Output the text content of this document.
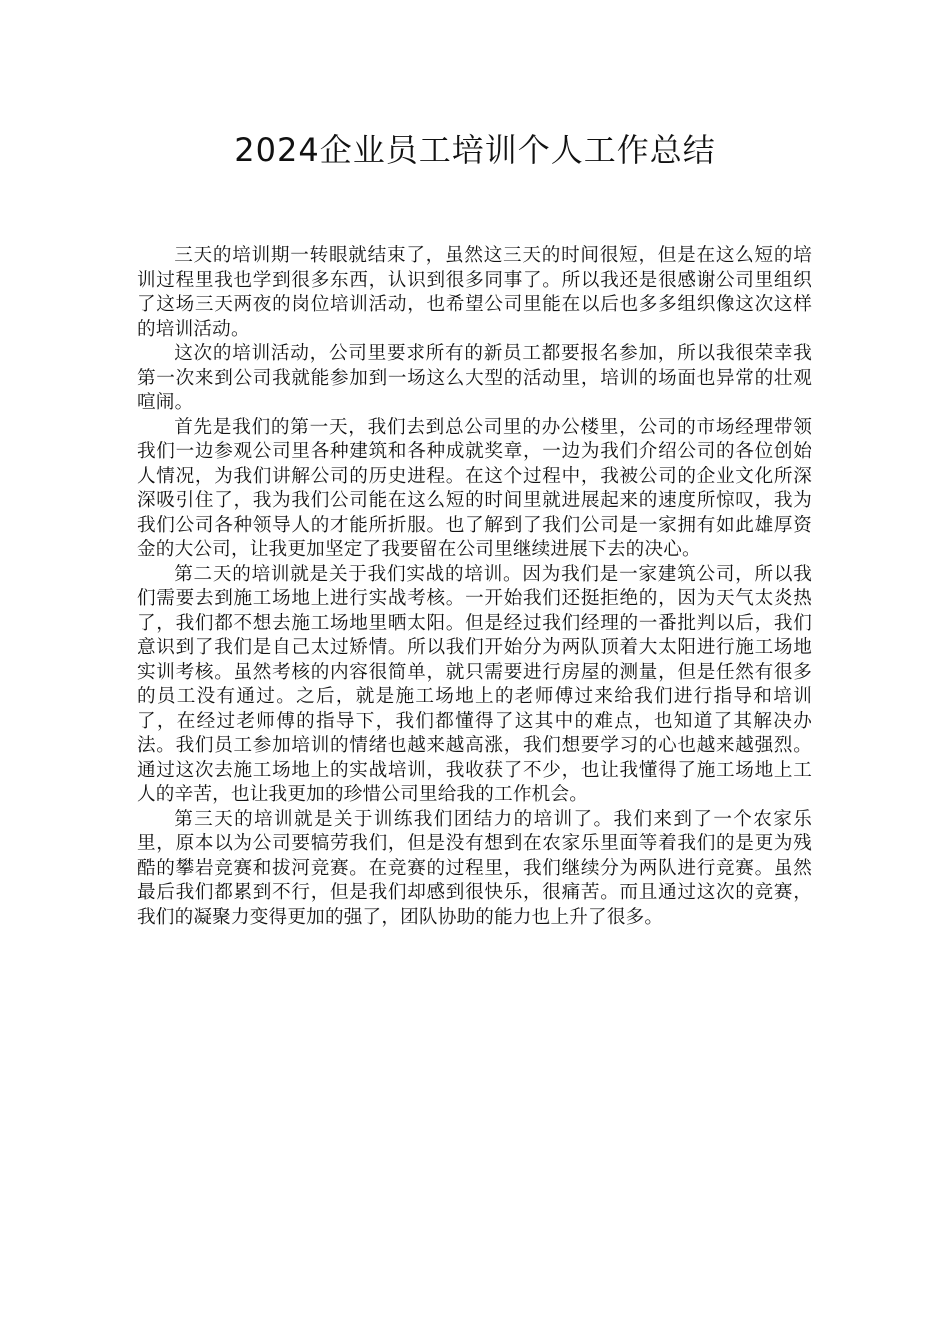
2024企业员工培训个人工作总结

三天的培训期一转眼就结束了，虽然这三天的时间很短，但是在这么短的培训过程里我也学到很多东西，认识到很多同事了。所以我还是很感谢公司里组织了这场三天两夜的岗位培训活动，也希望公司里能在以后也多多组织像这次这样的培训活动。

这次的培训活动，公司里要求所有的新员工都要报名参加，所以我很荣幸我第一次来到公司我就能参加到一场这么大型的活动里，培训的场面也异常的壮观喧闹。

首先是我们的第一天，我们去到总公司里的办公楼里，公司的市场经理带领我们一边参观公司里各种建筑和各种成就奖章，一边为我们介绍公司的各位创始人情况，为我们讲解公司的历史进程。在这个过程中，我被公司的企业文化所深深吸引住了，我为我们公司能在这么短的时间里就进展起来的速度所惊叹，我为我们公司各种领导人的才能所折服。也了解到了我们公司是一家拥有如此雄厚资金的大公司，让我更加坚定了我要留在公司里继续进展下去的决心。

第二天的培训就是关于我们实战的培训。因为我们是一家建筑公司，所以我们需要去到施工场地上进行实战考核。一开始我们还挺拒绝的，因为天气太炎热了，我们都不想去施工场地里晒太阳。但是经过我们经理的一番批判以后，我们意识到了我们是自己太过矫情。所以我们开始分为两队顶着大太阳进行施工场地实训考核。虽然考核的内容很简单，就只需要进行房屋的测量，但是任然有很多的员工没有通过。之后，就是施工场地上的老师傅过来给我们进行指导和培训了，在经过老师傅的指导下，我们都懂得了这其中的难点，也知道了其解决办法。我们员工参加培训的情绪也越来越高涨，我们想要学习的心也越来越强烈。通过这次去施工场地上的实战培训，我收获了不少，也让我懂得了施工场地上工人的辛苦，也让我更加的珍惜公司里给我的工作机会。

第三天的培训就是关于训练我们团结力的培训了。我们来到了一个农家乐里，原本以为公司要犒劳我们，但是没有想到在农家乐里面等着我们的是更为残酷的攀岩竞赛和拔河竞赛。在竞赛的过程里，我们继续分为两队进行竞赛。虽然最后我们都累到不行，但是我们却感到很快乐，很痛苦。而且通过这次的竞赛，我们的凝聚力变得更加的强了，团队协助的能力也上升了很多。
